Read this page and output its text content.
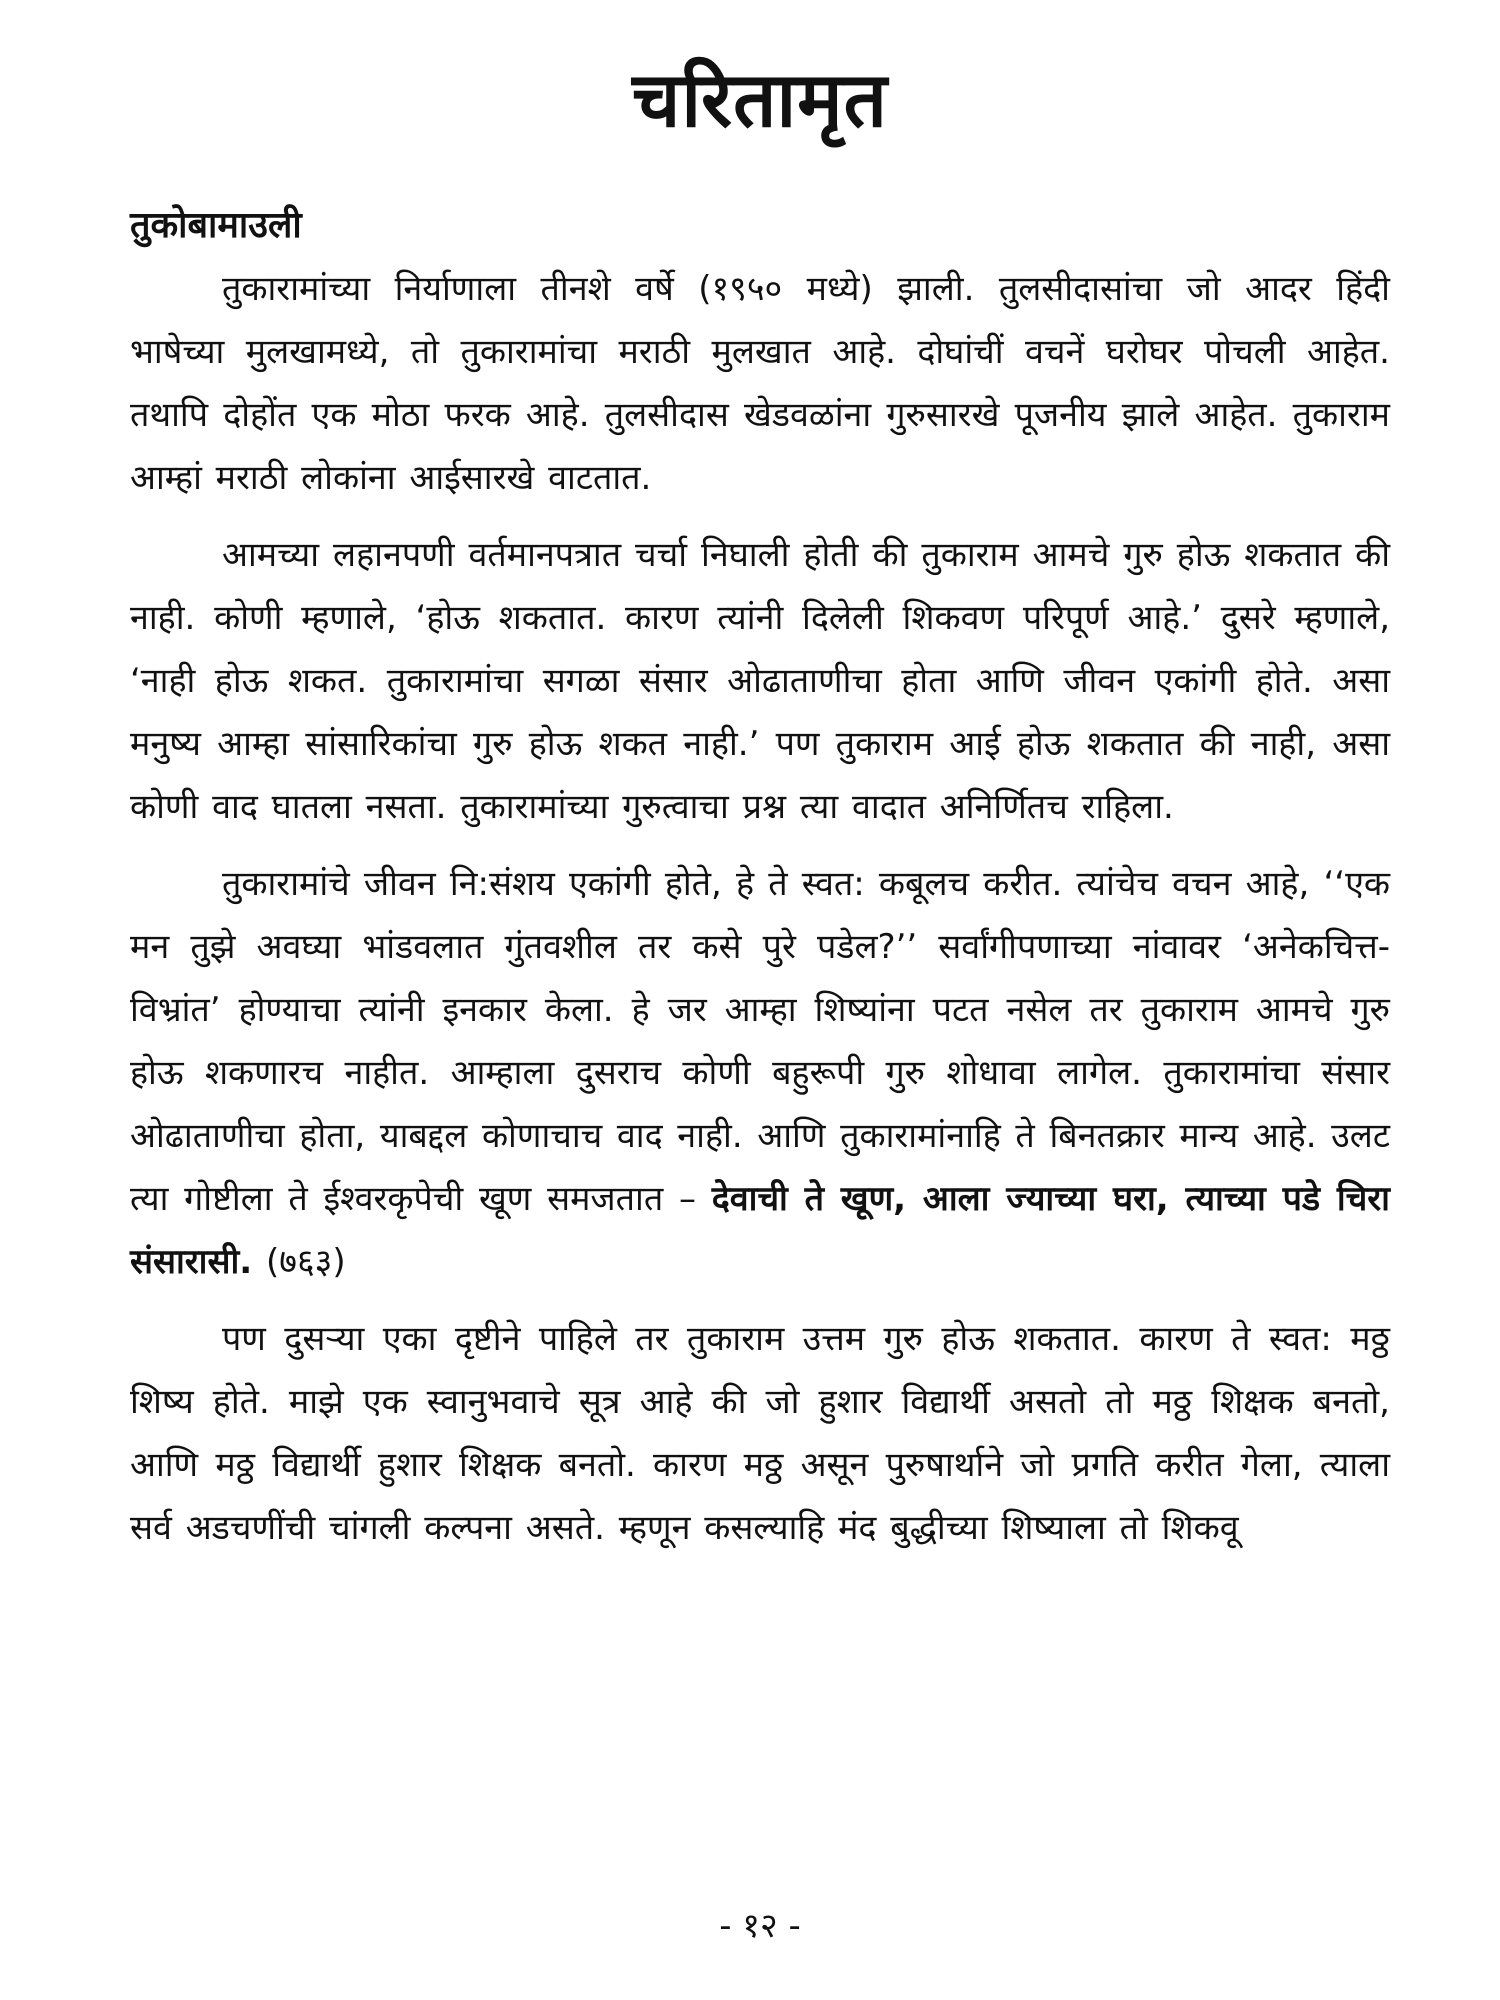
चरितामृत
तुकोबामाउली

तुकारामांच्या निर्याणाला तीनशे वर्षे (१९५० मध्ये) झाली. तुलसीदासांचा जो आदर हिंदी भाषेच्या मुलखामध्ये, तो तुकारामांचा मराठी मुलखात आहे. दोघांचीं वचनें घरोघर पोचली आहेत. तथापि दोहोंत एक मोठा फरक आहे. तुलसीदास खेडवळांना गुरुसारखे पूजनीय झाले आहेत. तुकाराम आम्हां मराठी लोकांना आईसारखे वाटतात.

आमच्या लहानपणी वर्तमानपत्रात चर्चा निघाली होती की तुकाराम आमचे गुरु होऊ शकतात की नाही. कोणी म्हणाले, ‘होऊ शकतात. कारण त्यांनी दिलेली शिकवण परिपूर्ण आहे.’ दुसरे म्हणाले, ‘नाही होऊ शकत. तुकारामांचा सगळा संसार ओढाताणीचा होता आणि जीवन एकांगी होते. असा मनुष्य आम्हा सांसारिकांचा गुरु होऊ शकत नाही.’ पण तुकाराम आई होऊ शकतात की नाही, असा कोणी वाद घातला नसता. तुकारामांच्या गुरुत्वाचा प्रश्न त्या वादात अनिर्णितच राहिला.

तुकारामांचे जीवन नि:संशय एकांगी होते, हे ते स्वत: कबूलच करीत. त्यांचेच वचन आहे, ‘‘एक मन तुझे अवघ्या भांडवलात गुंतवशील तर कसे पुरे पडेल?’’ सर्वांगीपणाच्या नांवावर ‘अनेकचित्त-विभ्रांत’ होण्याचा त्यांनी इनकार केला. हे जर आम्हा शिष्यांना पटत नसेल तर तुकाराम आमचे गुरु होऊ शकणारच नाहीत. आम्हाला दुसराच कोणी बहुरूपी गुरु शोधावा लागेल. तुकारामांचा संसार ओढाताणीचा होता, याबद्दल कोणाचाच वाद नाही. आणि तुकारामांनाहि ते बिनतक्रार मान्य आहे. उलट त्या गोष्टीला ते ईश्वरकृपेची खूण समजतात – देवाची ते खूण, आला ज्याच्या घरा, त्याच्या पडे चिरा संसारासी. (७६३)

पण दुसऱ्या एका दृष्टीने पाहिले तर तुकाराम उत्तम गुरु होऊ शकतात. कारण ते स्वत: मठ्ठ शिष्य होते. माझे एक स्वानुभवाचे सूत्र आहे की जो हुशार विद्यार्थी असतो तो मठ्ठ शिक्षक बनतो, आणि मठ्ठ विद्यार्थी हुशार शिक्षक बनतो. कारण मठ्ठ असून पुरुषार्थाने जो प्रगति करीत गेला, त्याला सर्व अडचणींची चांगली कल्पना असते. म्हणून कसल्याहि मंद बुद्धीच्या शिष्याला तो शिकवू

- १२ -
